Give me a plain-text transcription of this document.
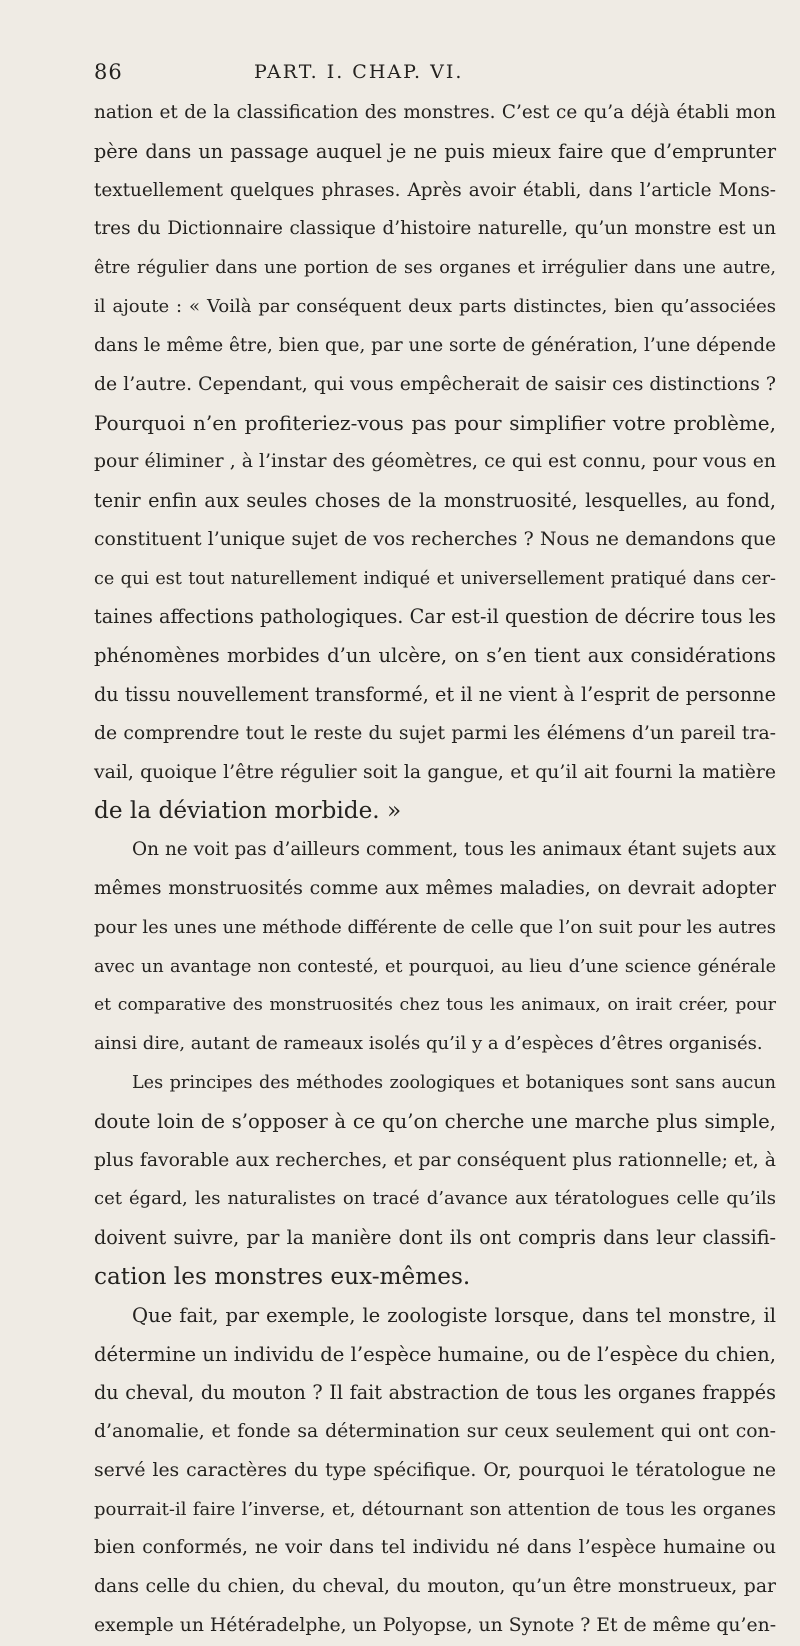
86	PART. I. CHAP. VI.
nation et de la classification des monstres. C’est ce qu’a déjà établi mon
père dans un passage auquel je ne puis mieux faire que d’emprunter
textuellement quelques phrases. Après avoir établi, dans l’article Mons-
tres du Dictionnaire classique d’histoire naturelle, qu’un monstre est un
être régulier dans une portion de ses organes et irrégulier dans une autre,
il ajoute : « Voilà par conséquent deux parts distinctes, bien qu’associées
dans le même être, bien que, par une sorte de génération, l’une dépende
de l’autre. Cependant, qui vous empêcherait de saisir ces distinctions ?
Pourquoi n’en profiteriez-vous pas pour simplifier votre problème,
pour éliminer , à l’instar des géomètres, ce qui est connu, pour vous en
tenir enfin aux seules choses de la monstruosité, lesquelles, au fond,
constituent l’unique sujet de vos recherches ? Nous ne demandons que
ce qui est tout naturellement indiqué et universellement pratiqué dans cer-
taines affections pathologiques. Car est-il question de décrire tous les
phénomènes morbides d’un ulcère, on s’en tient aux considérations
du tissu nouvellement transformé, et il ne vient à l’esprit de personne
de comprendre tout le reste du sujet parmi les élémens d’un pareil tra-
vail, quoique l’être régulier soit la gangue, et qu’il ait fourni la matière
de la déviation morbide. »
On ne voit pas d’ailleurs comment, tous les animaux étant sujets aux
mêmes monstruosités comme aux mêmes maladies, on devrait adopter
pour les unes une méthode différente de celle que l’on suit pour les autres
avec un avantage non contesté, et pourquoi, au lieu d’une science générale
et comparative des monstruosités chez tous les animaux, on irait créer, pour
ainsi dire, autant de rameaux isolés qu’il y a d’espèces d’êtres organisés.
Les principes des méthodes zoologiques et botaniques sont sans aucun
doute loin de s’opposer à ce qu’on cherche une marche plus simple,
plus favorable aux recherches, et par conséquent plus rationnelle; et, à
cet égard, les naturalistes on tracé d’avance aux tératologues celle qu’ils
doivent suivre, par la manière dont ils ont compris dans leur classifi-
cation les monstres eux-mêmes.
Que fait, par exemple, le zoologiste lorsque, dans tel monstre, il
détermine un individu de l’espèce humaine, ou de l’espèce du chien,
du cheval, du mouton ? Il fait abstraction de tous les organes frappés
d’anomalie, et fonde sa détermination sur ceux seulement qui ont con-
servé les caractères du type spécifique. Or, pourquoi le tératologue ne
pourrait-il faire l’inverse, et, détournant son attention de tous les organes
bien conformés, ne voir dans tel individu né dans l’espèce humaine ou
dans celle du chien, du cheval, du mouton, qu’un être monstrueux, par
exemple un Hétéradelphe, un Polyopse, un Synote ? Et de même qu’en-
